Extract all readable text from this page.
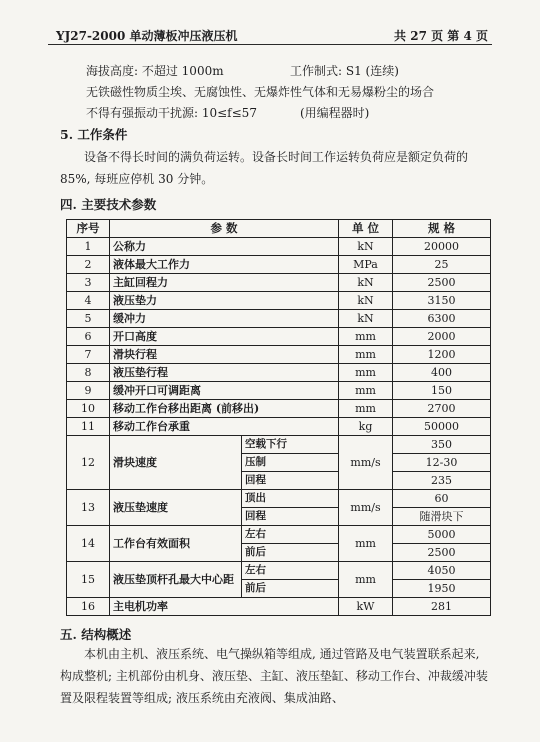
YJ27-2000 单动薄板冲压液压机	共 27 页 第 4 页
海拔高度: 不超过 1000m	工作制式: S1 (连续)
无铁磁性物质尘埃、无腐蚀性、无爆炸性气体和无易爆粉尘的场合
不得有强振动干扰源: 10≤f≤57	(用编程器时)
5. 工作条件
设备不得长时间的满负荷运转。设备长时间工作运转负荷应是额定负荷的 85%, 每班应停机 30 分钟。
四. 主要技术参数
序号	参 数		单 位	规 格
1	公称力		kN	20000
2	液体最大工作力		MPa	25
3	主缸回程力		kN	2500
4	液压垫力		kN	3150
5	缓冲力		kN	6300
6	开口高度		mm	2000
7	滑块行程		mm	1200
8	液压垫行程		mm	400
9	缓冲开口可调距离		mm	150
10	移动工作台移出距离 (前移出)		mm	2700
11	移动工作台承重		kg	50000
12	滑块速度	空载下行	mm/s	350
		压制		12-30
		回程		235
13	液压垫速度	顶出	mm/s	60
		回程		随滑块下
14	工作台有效面积	左右	mm	5000
		前后		2500
15	液压垫顶杆孔最大中心距	左右	mm	4050
		前后		1950
16	主电机功率		kW	281
五. 结构概述
本机由主机、液压系统、电气操纵箱等组成, 通过管路及电气装置联系起来, 构成整机; 主机部份由机身、液压垫、主缸、液压垫缸、移动工作台、冲裁缓冲装置及限程装置等组成; 液压系统由充液阀、集成油路、
